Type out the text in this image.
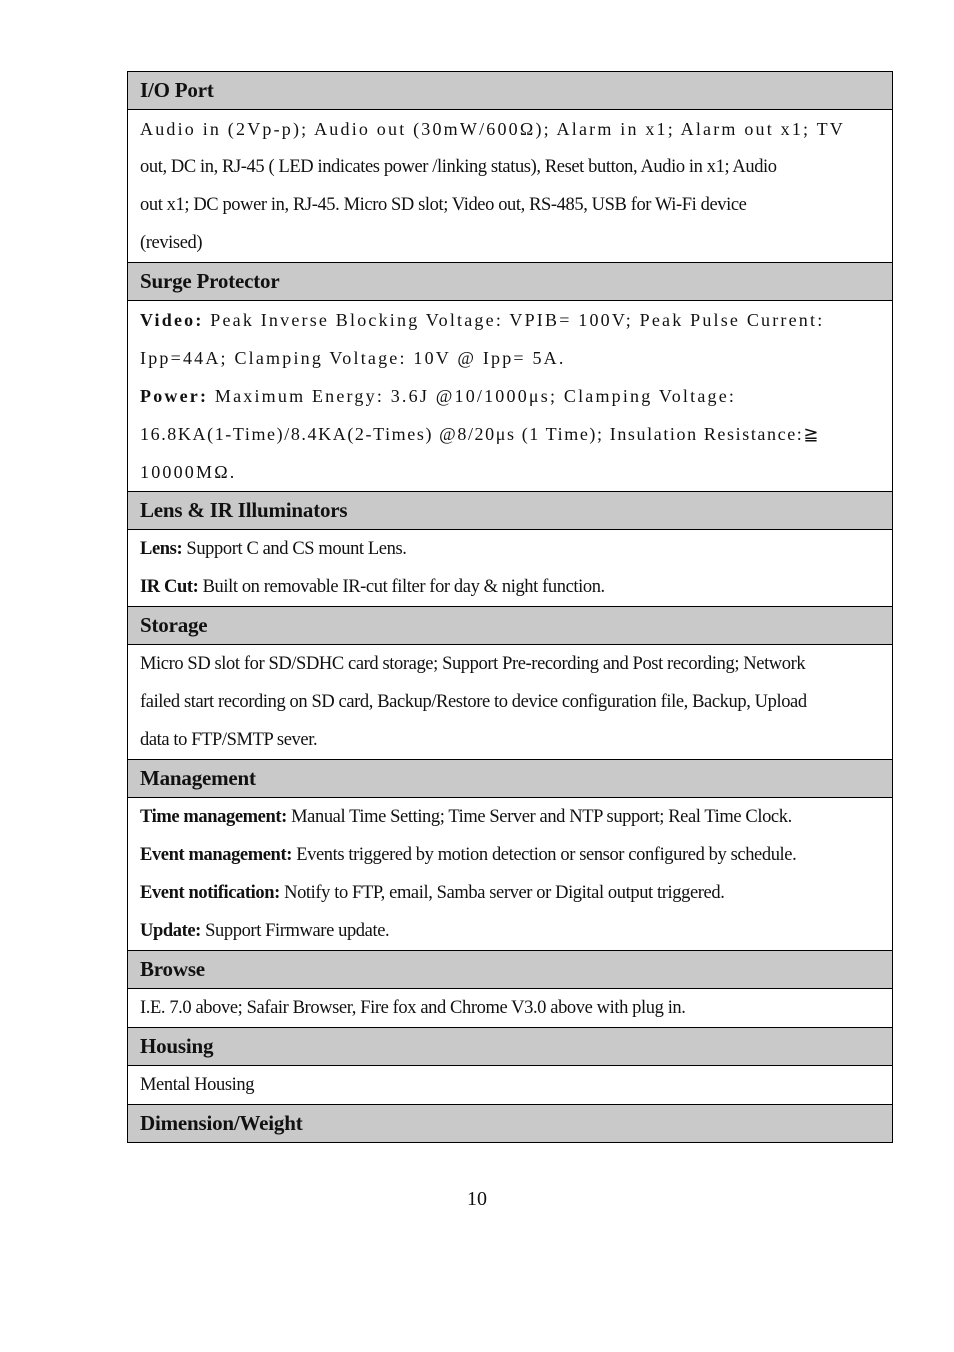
I/O Port
Audio in (2Vp-p); Audio out (30mW/600Ω); Alarm in x1; Alarm out x1; TV
out, DC in, RJ-45 ( LED indicates power /linking status), Reset button, Audio in x1; Audio
out x1; DC power in, RJ-45. Micro SD slot; Video out, RS-485, USB for Wi-Fi device
(revised)
Surge Protector
Video: Peak Inverse Blocking Voltage: VPIB= 100V; Peak Pulse Current:
Ipp=44A; Clamping Voltage: 10V @ Ipp= 5A.
Power: Maximum Energy: 3.6J @10/1000μs; Clamping Voltage:
16.8KA(1-Time)/8.4KA(2-Times) @8/20μs (1 Time); Insulation Resistance:≧
10000MΩ.
Lens & IR Illuminators
Lens: Support C and CS mount Lens.
IR Cut: Built on removable IR-cut filter for day & night function.
Storage
Micro SD slot for SD/SDHC card storage; Support Pre-recording and Post recording; Network
failed start recording on SD card, Backup/Restore to device configuration file, Backup, Upload
data to FTP/SMTP sever.
Management
Time management: Manual Time Setting; Time Server and NTP support; Real Time Clock.
Event management: Events triggered by motion detection or sensor configured by schedule.
Event notification: Notify to FTP, email, Samba server or Digital output triggered.
Update: Support Firmware update.
Browse
I.E. 7.0 above; Safair Browser, Fire fox and Chrome V3.0 above with plug in.
Housing
Mental Housing
Dimension/Weight
10
